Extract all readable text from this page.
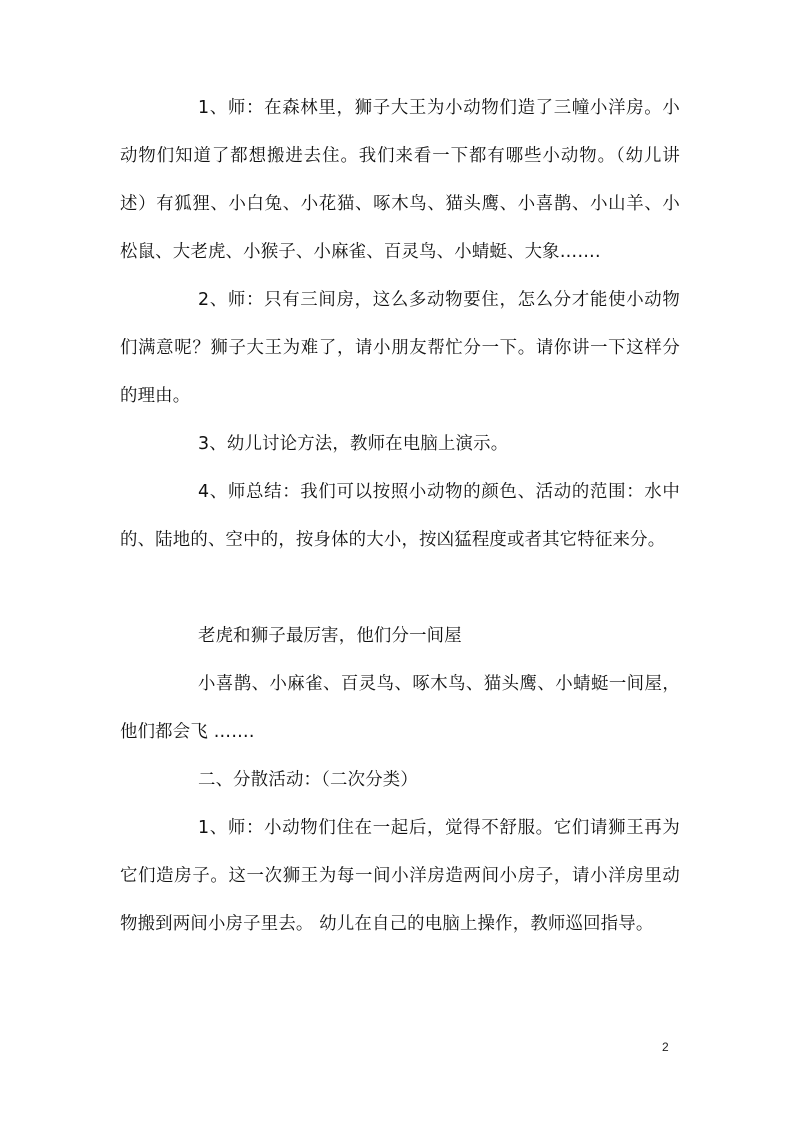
1、师：在森林里，狮子大王为小动物们造了三幢小洋房。小动物们知道了都想搬进去住。我们来看一下都有哪些小动物。（幼儿讲述）有狐狸、小白兔、小花猫、啄木鸟、猫头鹰、小喜鹊、小山羊、小松鼠、大老虎、小猴子、小麻雀、百灵鸟、小蜻蜓、大象…….

2、师：只有三间房，这么多动物要住，怎么分才能使小动物们满意呢？狮子大王为难了，请小朋友帮忙分一下。请你讲一下这样分的理由。

3、幼儿讨论方法，教师在电脑上演示。

4、师总结：我们可以按照小动物的颜色、活动的范围：水中的、陆地的、空中的，按身体的大小，按凶猛程度或者其它特征来分。

老虎和狮子最厉害，他们分一间屋

小喜鹊、小麻雀、百灵鸟、啄木鸟、猫头鹰、小蜻蜓一间屋，他们都会飞 …….

二、分散活动：（二次分类）

1、师：小动物们住在一起后，觉得不舒服。它们请狮王再为它们造房子。这一次狮王为每一间小洋房造两间小房子，请小洋房里动物搬到两间小房子里去。 幼儿在自己的电脑上操作，教师巡回指导。

2
